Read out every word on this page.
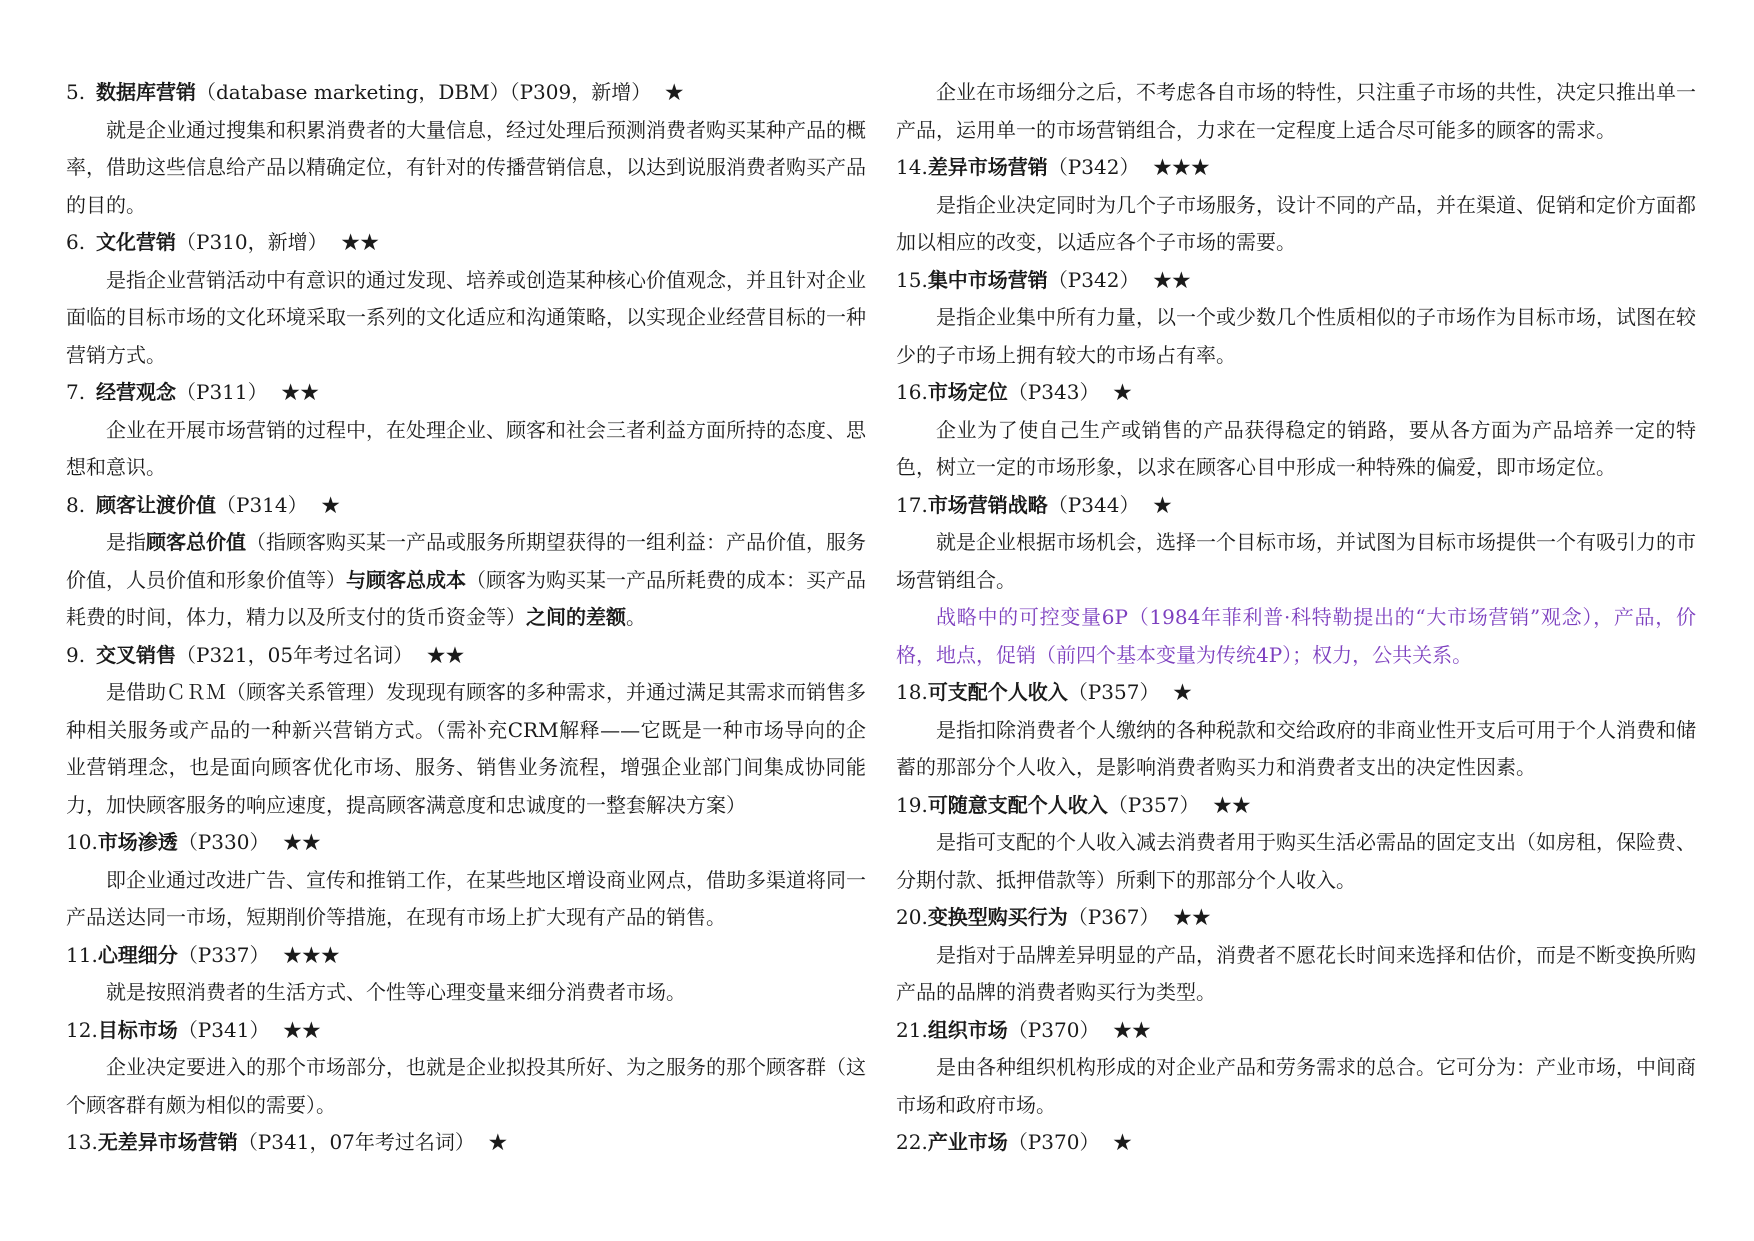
5. 数据库营销（database marketing，DBM）（P309，新增） ★

就是企业通过搜集和积累消费者的大量信息，经过处理后预测消费者购买某种产品的概率，借助这些信息给产品以精确定位，有针对的传播营销信息，以达到说服消费者购买产品的目的。

6. 文化营销（P310，新增） ★★

是指企业营销活动中有意识的通过发现、培养或创造某种核心价值观念，并且针对企业面临的目标市场的文化环境采取一系列的文化适应和沟通策略，以实现企业经营目标的一种营销方式。

7. 经营观念（P311） ★★

企业在开展市场营销的过程中，在处理企业、顾客和社会三者利益方面所持的态度、思想和意识。

8. 顾客让渡价值（P314） ★

是指顾客总价值（指顾客购买某一产品或服务所期望获得的一组利益：产品价值，服务价值，人员价值和形象价值等）与顾客总成本（顾客为购买某一产品所耗费的成本：买产品耗费的时间，体力，精力以及所支付的货币资金等）之间的差额。

9. 交叉销售（P321，05年考过名词） ★★

是借助ＣＲＭ（顾客关系管理）发现现有顾客的多种需求，并通过满足其需求而销售多种相关服务或产品的一种新兴营销方式。（需补充CRM解释——它既是一种市场导向的企业营销理念，也是面向顾客优化市场、服务、销售业务流程，增强企业部门间集成协同能力，加快顾客服务的响应速度，提高顾客满意度和忠诚度的一整套解决方案）

10.市场渗透（P330） ★★

即企业通过改进广告、宣传和推销工作，在某些地区增设商业网点，借助多渠道将同一产品送达同一市场，短期削价等措施，在现有市场上扩大现有产品的销售。

11.心理细分（P337） ★★★

就是按照消费者的生活方式、个性等心理变量来细分消费者市场。

12.目标市场（P341） ★★

企业决定要进入的那个市场部分，也就是企业拟投其所好、为之服务的那个顾客群（这个顾客群有颇为相似的需要）。

13.无差异市场营销（P341，07年考过名词） ★

企业在市场细分之后，不考虑各自市场的特性，只注重子市场的共性，决定只推出单一产品，运用单一的市场营销组合，力求在一定程度上适合尽可能多的顾客的需求。

14.差异市场营销（P342） ★★★

是指企业决定同时为几个子市场服务，设计不同的产品，并在渠道、促销和定价方面都加以相应的改变，以适应各个子市场的需要。

15.集中市场营销（P342） ★★

是指企业集中所有力量，以一个或少数几个性质相似的子市场作为目标市场，试图在较少的子市场上拥有较大的市场占有率。

16.市场定位（P343） ★

企业为了使自己生产或销售的产品获得稳定的销路，要从各方面为产品培养一定的特色，树立一定的市场形象，以求在顾客心目中形成一种特殊的偏爱，即市场定位。

17.市场营销战略（P344） ★

就是企业根据市场机会，选择一个目标市场，并试图为目标市场提供一个有吸引力的市场营销组合。

战略中的可控变量6P（1984年菲利普·科特勒提出的“大市场营销”观念），产品，价格，地点，促销（前四个基本变量为传统4P）；权力，公共关系。

18.可支配个人收入（P357） ★

是指扣除消费者个人缴纳的各种税款和交给政府的非商业性开支后可用于个人消费和储蓄的那部分个人收入，是影响消费者购买力和消费者支出的决定性因素。

19.可随意支配个人收入（P357） ★★

是指可支配的个人收入减去消费者用于购买生活必需品的固定支出（如房租，保险费、分期付款、抵押借款等）所剩下的那部分个人收入。

20.变换型购买行为（P367） ★★

是指对于品牌差异明显的产品，消费者不愿花长时间来选择和估价，而是不断变换所购产品的品牌的消费者购买行为类型。

21.组织市场（P370） ★★

是由各种组织机构形成的对企业产品和劳务需求的总合。它可分为：产业市场，中间商市场和政府市场。

22.产业市场（P370） ★
